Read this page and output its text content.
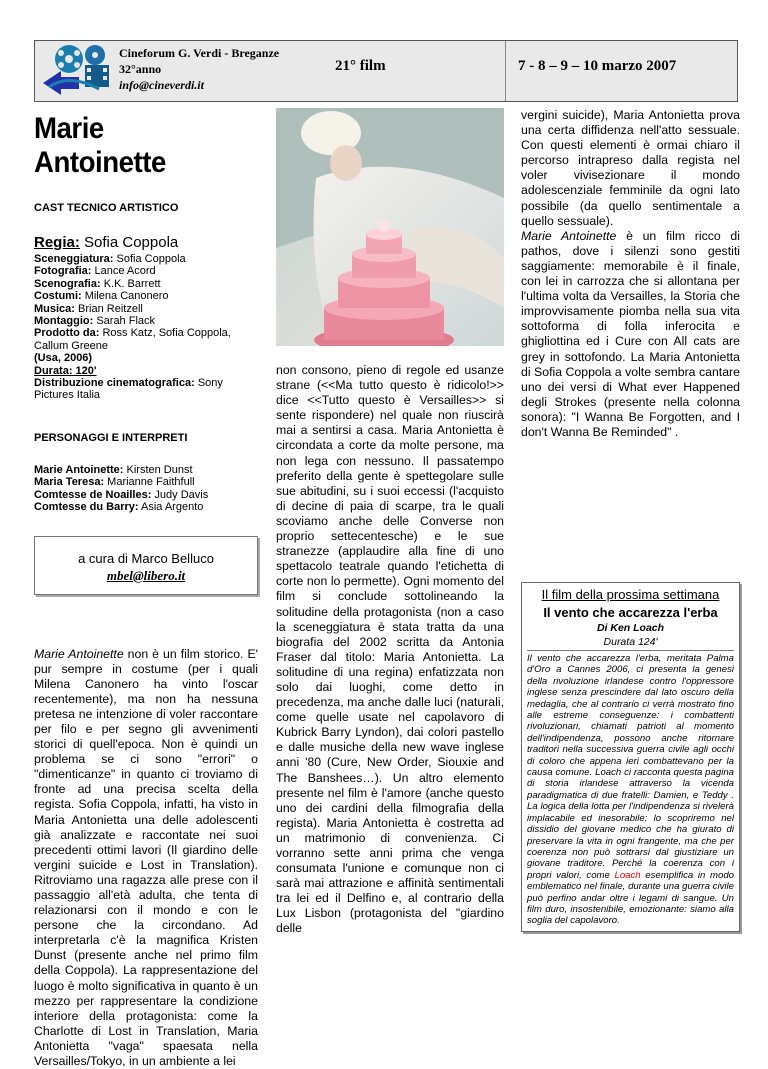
Cineforum G. Verdi - Breganze
32°anno
info@cineverdi.it
21° film	7 - 8 – 9 – 10 marzo 2007
Marie Antoinette
CAST TECNICO ARTISTICO
Regia: Sofia Coppola
Sceneggiatura: Sofia Coppola
Fotografia: Lance Acord
Scenografia: K.K. Barrett
Costumi: Milena Canonero
Musica: Brian Reitzell
Montaggio: Sarah Flack
Prodotto da: Ross Katz, Sofia Coppola, Callum Greene
(Usa, 2006)
Durata: 120'
Distribuzione cinematografica: Sony Pictures Italia
PERSONAGGI E INTERPRETI
Marie Antoinette: Kirsten Dunst
Maria Teresa: Marianne Faithfull
Comtesse de Noailles: Judy Davis
Comtesse du Barry: Asia Argento
a cura di Marco Belluco
mbel@libero.it
Marie Antoinette non è un film storico. E' pur sempre in costume (per i quali Milena Canonero ha vinto l'oscar recentemente), ma non ha nessuna pretesa ne intenzione di voler raccontare per filo e per segno gli avvenimenti storici di quell'epoca. Non è quindi un problema se ci sono "errori" o "dimenticanze" in quanto ci troviamo di fronte ad una precisa scelta della regista. Sofia Coppola, infatti, ha visto in Maria Antonietta una delle adolescenti già analizzate e raccontate nei suoi precedenti ottimi lavori (Il giardino delle vergini suicide e Lost in Translation). Ritroviamo una ragazza alle prese con il passaggio all'età adulta, che tenta di relazionarsi con il mondo e con le persone che la circondano. Ad interpretarla c'è la magnifica Kristen Dunst (presente anche nel primo film della Coppola). La rappresentazione del luogo è molto significativa in quanto è un mezzo per rappresentare la condizione interiore della protagonista: come la Charlotte di Lost in Translation, Maria Antonietta "vaga" spaesata nella Versailles/Tokyo, in un ambiente a lei
non consono, pieno di regole ed usanze strane (<<Ma tutto questo è ridicolo!>> dice <<Tutto questo è Versailles>> si sente rispondere) nel quale non riuscirà mai a sentirsi a casa. Maria Antonietta è circondata a corte da molte persone, ma non lega con nessuno. Il passatempo preferito della gente è spettegolare sulle sue abitudini, su i suoi eccessi (l'acquisto di decine di paia di scarpe, tra le quali scoviamo anche delle Converse non proprio settecentesche) e le sue stranezze (applaudire alla fine di uno spettacolo teatrale quando l'etichetta di corte non lo permette). Ogni momento del film si conclude sottolineando la solitudine della protagonista (non a caso la sceneggiatura è stata tratta da una biografia del 2002 scritta da Antonia Fraser dal titolo: Maria Antonietta. La solitudine di una regina) enfatizzata non solo dai luoghi, come detto in precedenza, ma anche dalle luci (naturali, come quelle usate nel capolavoro di Kubrick Barry Lyndon), dai colori pastello e dalle musiche della new wave inglese anni '80 (Cure, New Order, Siouxie and The Banshees…). Un altro elemento presente nel film è l'amore (anche questo uno dei cardini della filmografia della regista). Maria Antonietta è costretta ad un matrimonio di convenienza. Ci vorranno sette anni prima che venga consumata l'unione e comunque non ci sarà mai attrazione e affinità sentimentali tra lei ed il Delfino e, al contrario della Lux Lisbon (protagonista del "giardino delle
vergini suicide), Maria Antonietta prova una certa diffidenza nell'atto sessuale. Con questi elementi è ormai chiaro il percorso intrapreso dalla regista nel voler vivisezionare il mondo adolescenziale femminile da ogni lato possibile (da quello sentimentale a quello sessuale).
Marie Antoinette è un film ricco di pathos, dove i silenzi sono gestiti saggiamente: memorabile è il finale, con lei in carrozza che si allontana per l'ultima volta da Versailles, la Storia che improvvisamente piomba nella sua vita sottoforma di folla inferocita e ghigliottina ed i Cure con All cats are grey in sottofondo. La Maria Antonietta di Sofia Coppola a volte sembra cantare uno dei versi di What ever Happened degli Strokes (presente nella colonna sonora): "I Wanna Be Forgotten, and I don't Wanna Be Reminded" .
Il film della prossima settimana
Il vento che accarezza l'erba
Di Ken Loach
Durata 124'
Il vento che accarezza l'erba, meritata Palma d'Oro a Cannes 2006, ci presenta la genesi della rivoluzione irlandese contro l'oppressore inglese senza prescindere dal lato oscuro della medaglia, che al contrario ci verrà mostrato fino alle estreme conseguenze: i combattenti rivoluzionari, chiamati patrioti al momento dell'indipendenza, possono anche ritornare traditori nella successiva guerra civile agli occhi di coloro che appena ieri combattevano per la causa comune. Loach ci racconta questa pagina di storia irlandese attraverso la vicenda paradigmatica di due fratelli: Damien, e Teddy . La logica della lotta per l'indipendenza si rivelerà implacabile ed inesorabile: lo scopriremo nel dissidio del giovane medico che ha giurato di preservare la vita in ogni frangente, ma che per coerenza non può sottrarsi dal giustiziare un giovane traditore. Perché la coerenza con i propri valori, come Loach esemplifica in modo emblematico nel finale, durante una guerra civile può perfino andar oltre i legami di sangue. Un film duro, insostenibile, emozionante: siamo alla soglia del capolavoro.
